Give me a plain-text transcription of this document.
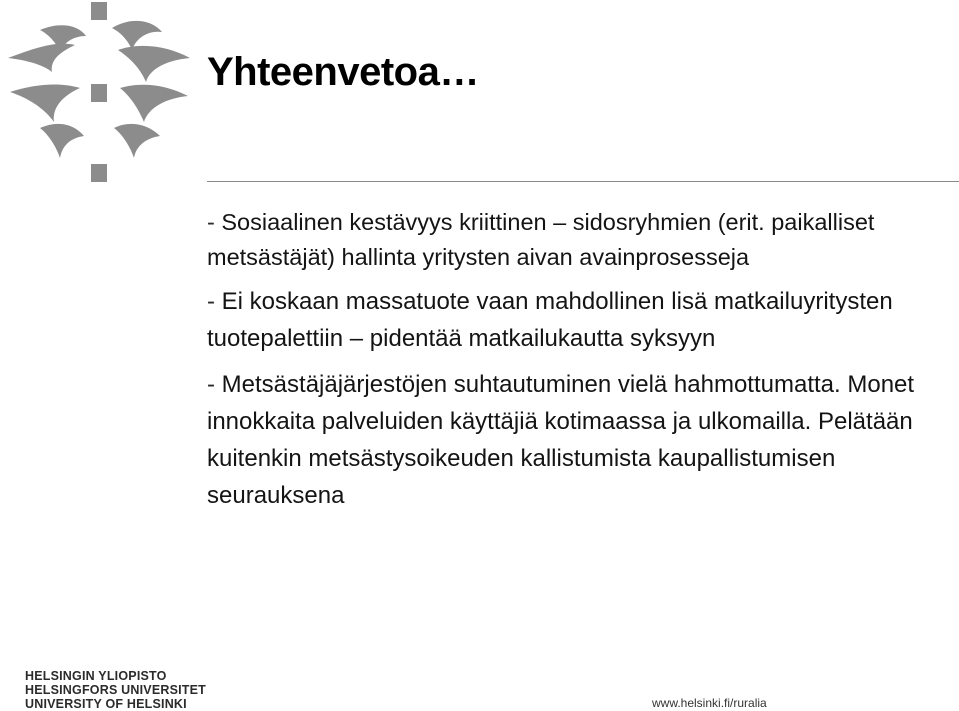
Yhteenvetoa…

- Sosiaalinen kestävyys kriittinen – sidosryhmien (erit. paikalliset metsästäjät) hallinta yritysten aivan avainprosesseja

- Ei koskaan massatuote vaan mahdollinen lisä matkailuyritysten tuotepalettiin – pidentää matkailukautta syksyyn

- Metsästäjäjärjestöjen suhtautuminen vielä hahmottumatta. Monet innokkaita palveluiden käyttäjiä kotimaassa ja ulkomailla. Pelätään kuitenkin metsästysoikeuden kallistumista kaupallistumisen seurauksena

HELSINGIN YLIOPISTO
HELSINGFORS UNIVERSITET
UNIVERSITY OF HELSINKI	www.helsinki.fi/ruralia
